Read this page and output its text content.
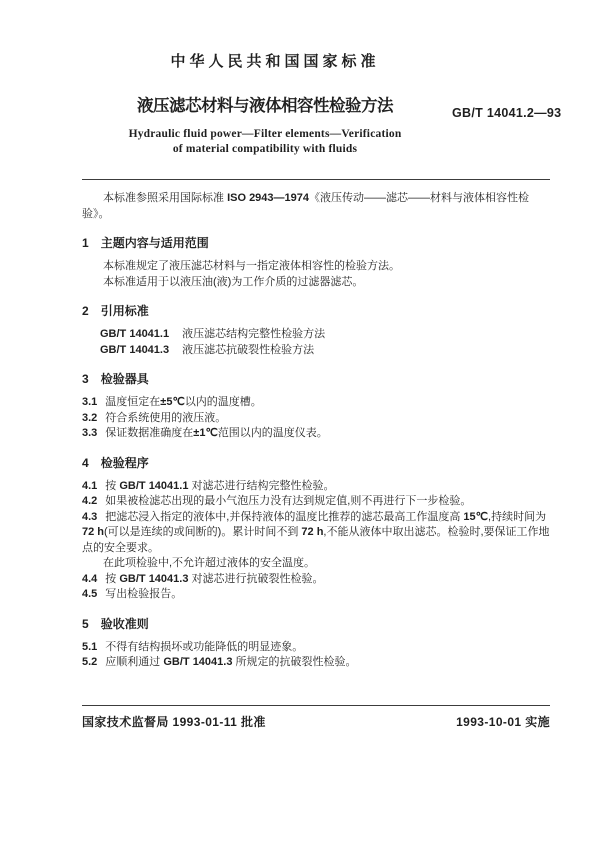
中华人民共和国国家标准
液压滤芯材料与液体相容性检验方法
Hydraulic fluid power—Filter elements—Verification
of material compatibility with fluids
GB/T 14041.2—93

本标准参照采用国际标准 ISO 2943—1974《液压传动——滤芯——材料与液体相容性检验》。

1 主题内容与适用范围

本标准规定了液压滤芯材料与一指定液体相容性的检验方法。

本标准适用于以液压油(液)为工作介质的过滤器滤芯。

2 引用标准

GB/T 14041.1 液压滤芯结构完整性检验方法

GB/T 14041.3 液压滤芯抗破裂性检验方法

3 检验器具

3.1 温度恒定在±5℃以内的温度槽。

3.2 符合系统使用的液压液。

3.3 保证数据准确度在±1℃范围以内的温度仪表。

4 检验程序

4.1 按 GB/T 14041.1 对滤芯进行结构完整性检验。

4.2 如果被检滤芯出现的最小气泡压力没有达到规定值,则不再进行下一步检验。

4.3 把滤芯浸入指定的液体中,并保持液体的温度比推荐的滤芯最高工作温度高 15℃,持续时间为 72 h(可以是连续的或间断的)。累计时间不到 72 h,不能从液体中取出滤芯。检验时,要保证工作地点的安全要求。

在此项检验中,不允许超过液体的安全温度。

4.4 按 GB/T 14041.3 对滤芯进行抗破裂性检验。

4.5 写出检验报告。

5 验收准则

5.1 不得有结构损坏或功能降低的明显迹象。

5.2 应顺利通过 GB/T 14041.3 所规定的抗破裂性检验。

国家技术监督局 1993-01-11 批准	1993-10-01 实施
